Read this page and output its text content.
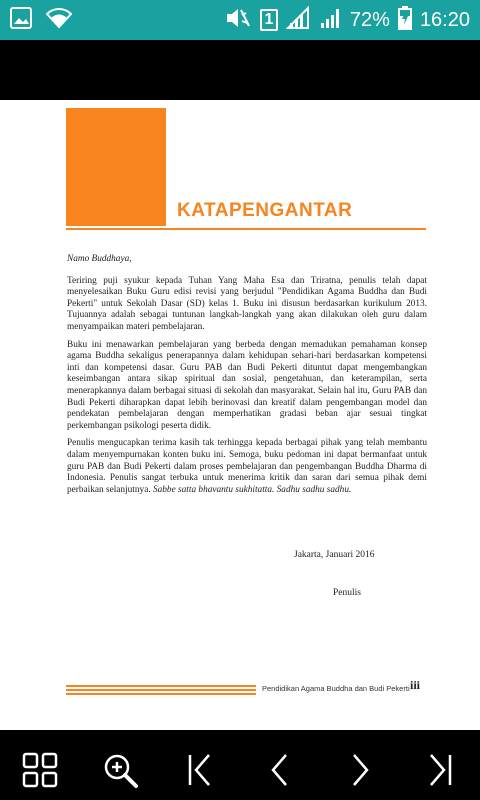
1	72% 16:20
KATAPENGANTAR

Namo Buddhaya,

Teriring puji syukur kepada Tuhan Yang Maha Esa dan Triratna, penulis telah dapat menyelesaikan Buku Guru edisi revisi yang berjudul "Pendidikan Agama Buddha dan Budi Pekerti" untuk Sekolah Dasar (SD) kelas 1. Buku ini disusun berdasarkan kurikulum 2013. Tujuannya adalah sebagai tuntunan langkah-langkah yang akan dilakukan oleh guru dalam menyampaikan materi pembelajaran.

Buku ini menawarkan pembelajaran yang berbeda dengan memadukan pemahaman konsep agama Buddha sekaligus penerapannya dalam kehidupan sehari-hari berdasarkan kompetensi inti dan kompetensi dasar. Guru PAB dan Budi Pekerti dituntut dapat mengembangkan keseimbangan antara sikap spiritual dan sosial, pengetahuan, dan keterampilan, serta menerapkannya dalam berbagai situasi di sekolah dan masyarakat. Selain hal itu, Guru PAB dan Budi Pekerti diharapkan dapat lebih berinovasi dan kreatif dalam pengembangan model dan pendekatan pembelajaran dengan memperhatikan gradasi beban ajar sesuai tingkat perkembangan psikologi peserta didik.

Penulis mengucapkan terima kasih tak terhingga kepada berbagai pihak yang telah membantu dalam menyempurnakan konten buku ini. Semoga, buku pedoman ini dapat bermanfaat untuk guru PAB dan Budi Pekerti dalam proses pembelajaran dan pengembangan Buddha Dharma di Indonesia. Penulis sangat terbuka untuk menerima kritik dan saran dari semua pihak demi perbaikan selanjutnya. Sabbe satta bhavantu sukhitatta. Sadhu sadhu sadhu.

Jakarta, Januari 2016
Penulis
Pendidikan Agama Buddha dan Budi Pekerti iii
